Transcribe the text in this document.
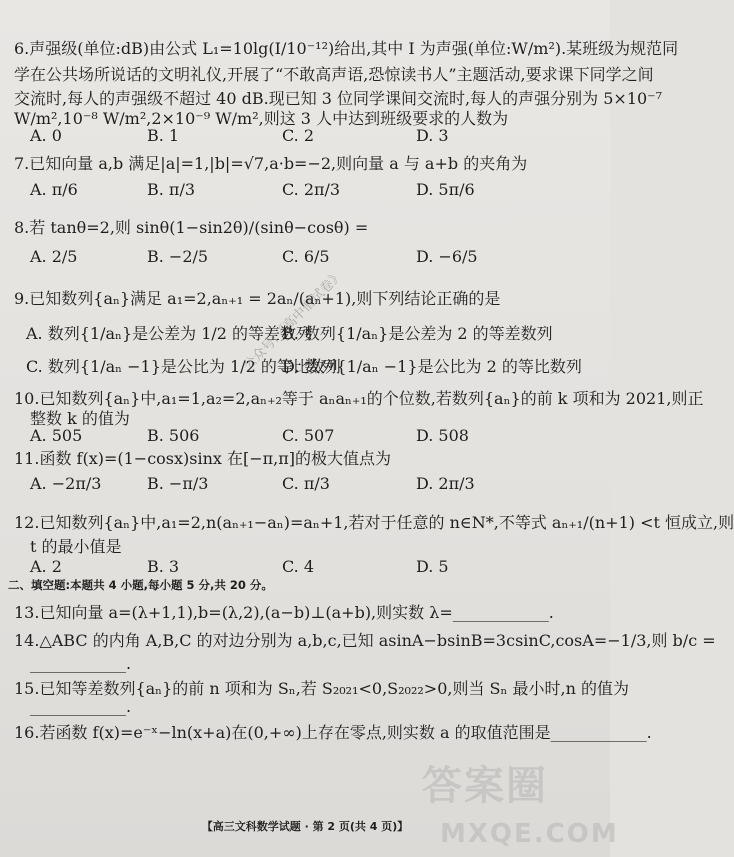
6.声强级(单位:dB)由公式 L₁=10lg(I/10⁻¹²)给出,其中 I 为声强(单位:W/m²).某班级为规范同
学在公共场所说话的文明礼仪,开展了“不敢高声语,恐惊读书人”主题活动,要求课下同学之间
交流时,每人的声强级不超过 40 dB.现已知 3 位同学课间交流时,每人的声强分别为 5×10⁻⁷
W/m²,10⁻⁸ W/m²,2×10⁻⁹ W/m²,则这 3 人中达到班级要求的人数为
A. 0	B. 1	C. 2	D. 3
7.已知向量 a,b 满足|a|=1,|b|=√7,a·b=−2,则向量 a 与 a+b 的夹角为
A. π/6	B. π/3	C. 2π/3	D. 5π/6
8.若 tanθ=2,则 sinθ(1−sin2θ)/(sinθ−cosθ) =
A. 2/5	B. −2/5	C. 6/5	D. −6/5
9.已知数列{aₙ}满足 a₁=2,aₙ₊₁ = 2aₙ/(aₙ+1),则下列结论正确的是
A. 数列{1/aₙ}是公差为 1/2 的等差数列
B. 数列{1/aₙ}是公差为 2 的等差数列
C. 数列{1/aₙ −1}是公比为 1/2 的等比数列
D. 数列{1/aₙ −1}是公比为 2 的等比数列
10.已知数列{aₙ}中,a₁=1,a₂=2,aₙ₊₂等于 aₙaₙ₊₁的个位数,若数列{aₙ}的前 k 项和为 2021,则正
整数 k 的值为
A. 505	B. 506	C. 507	D. 508
11.函数 f(x)=(1−cosx)sinx 在[−π,π]的极大值点为
A. −2π/3	B. −π/3	C. π/3	D. 2π/3
12.已知数列{aₙ}中,a₁=2,n(aₙ₊₁−aₙ)=aₙ+1,若对于任意的 n∈N*,不等式 aₙ₊₁/(n+1) <t 恒成立,则
t 的最小值是
A. 2	B. 3	C. 4	D. 5
二、填空题:本题共 4 小题,每小题 5 分,共 20 分。
13.已知向量 a=(λ+1,1),b=(λ,2),(a−b)⊥(a+b),则实数 λ=____________.
14.△ABC 的内角 A,B,C 的对边分别为 a,b,c,已知 asinA−bsinB=3csinC,cosA=−1/3,则 b/c =
____________.
15.已知等差数列{aₙ}的前 n 项和为 Sₙ,若 S₂₀₂₁<0,S₂₀₂₂>0,则当 Sₙ 最小时,n 的值为
____________.
16.若函数 f(x)=e⁻ˣ−ln(x+a)在(0,+∞)上存在零点,则实数 a 的取值范围是____________.
公众号:《高中僧试卷》
【高三文科数学试题 · 第 2 页(共 4 页)】
答案圈
MXQE.COM
